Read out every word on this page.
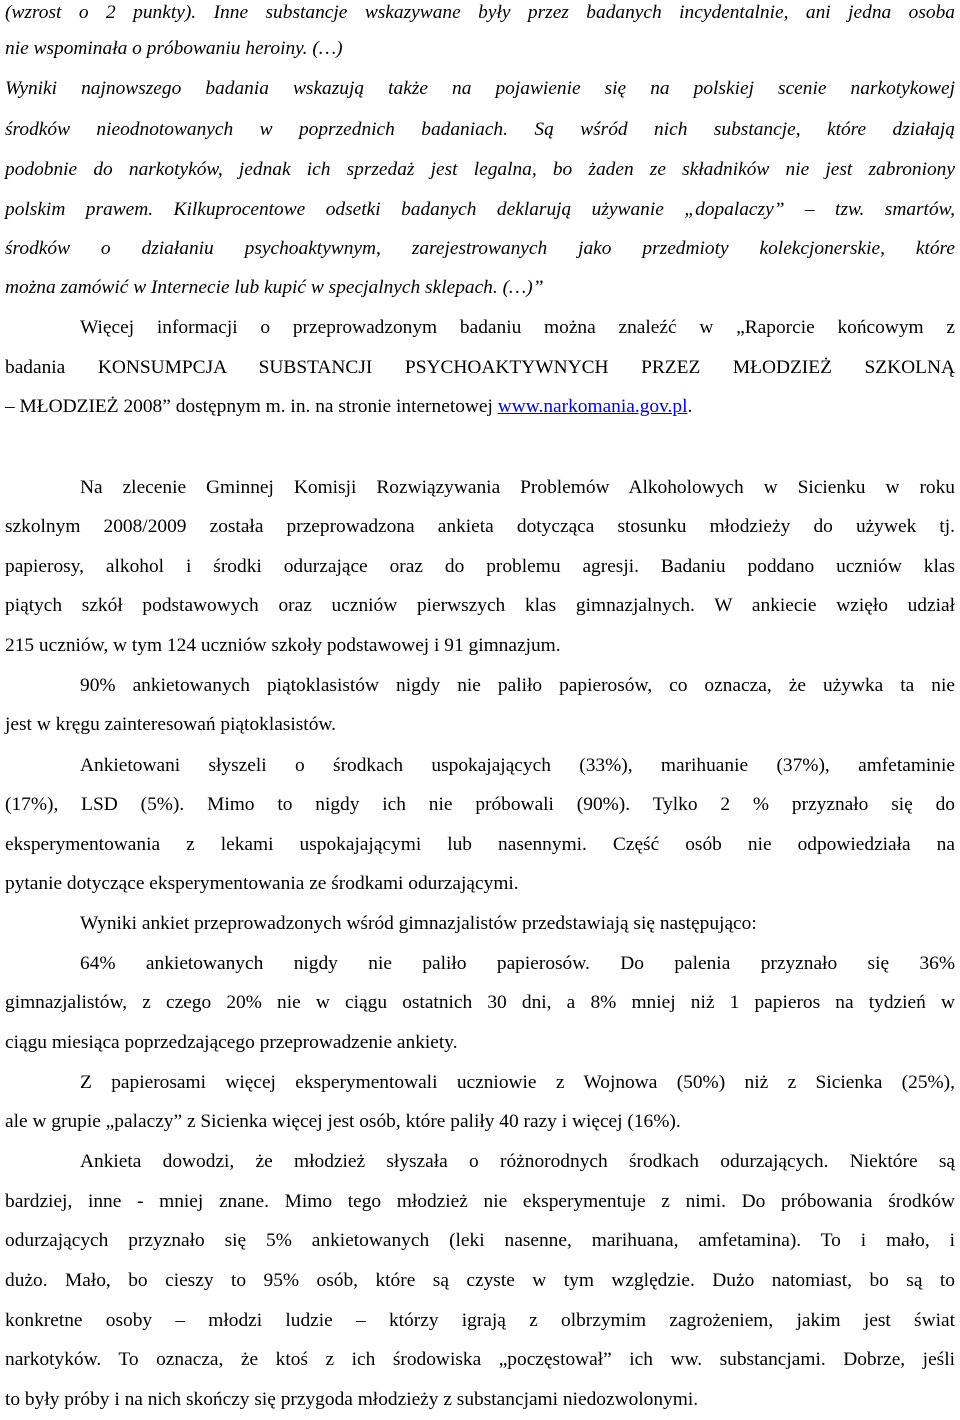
(wzrost o 2 punkty). Inne substancje wskazywane były przez badanych incydentalnie, ani jedna osoba
nie wspominała o próbowaniu heroiny. (…)
Wyniki najnowszego badania wskazują także na pojawienie się na polskiej scenie narkotykowej
środków nieodnotowanych w poprzednich badaniach. Są wśród nich substancje, które działają
podobnie do narkotyków, jednak ich sprzedaż jest legalna, bo żaden ze składników nie jest zabroniony
polskim prawem. Kilkuprocentowe odsetki badanych deklarują używanie „dopalaczy” – tzw. smartów,
środków o działaniu psychoaktywnym, zarejestrowanych jako przedmioty kolekcjonerskie, które
można zamówić w Internecie lub kupić w specjalnych sklepach. (…)”
Więcej informacji o przeprowadzonym badaniu można znaleźć w „Raporcie końcowym z
badania KONSUMPCJA SUBSTANCJI PSYCHOAKTYWNYCH PRZEZ MŁODZIEŻ SZKOLNĄ
– MŁODZIEŻ 2008” dostępnym m. in. na stronie internetowej www.narkomania.gov.pl.
Na zlecenie Gminnej Komisji Rozwiązywania Problemów Alkoholowych w Sicienku w roku
szkolnym 2008/2009 została przeprowadzona ankieta dotycząca stosunku młodzieży do używek tj.
papierosy, alkohol i środki odurzające oraz do problemu agresji. Badaniu poddano uczniów klas
piątych szkół podstawowych oraz uczniów pierwszych klas gimnazjalnych. W ankiecie wzięło udział
215 uczniów, w tym 124 uczniów szkoły podstawowej i 91 gimnazjum.
90% ankietowanych piątoklasistów nigdy nie paliło papierosów, co oznacza, że używka ta nie
jest w kręgu zainteresowań piątoklasistów.
Ankietowani słyszeli o środkach uspokajających (33%), marihuanie (37%), amfetaminie
(17%), LSD (5%). Mimo to nigdy ich nie próbowali (90%). Tylko 2 % przyznało się do
eksperymentowania z lekami uspokajającymi lub nasennymi. Część osób nie odpowiedziała na
pytanie dotyczące eksperymentowania ze środkami odurzającymi.
Wyniki ankiet przeprowadzonych wśród gimnazjalistów przedstawiają się następująco:
64% ankietowanych nigdy nie paliło papierosów. Do palenia przyznało się 36%
gimnazjalistów, z czego 20% nie w ciągu ostatnich 30 dni, a 8% mniej niż 1 papieros na tydzień w
ciągu miesiąca poprzedzającego przeprowadzenie ankiety.
Z papierosami więcej eksperymentowali uczniowie z Wojnowa (50%) niż z Sicienka (25%),
ale w grupie „palaczy” z Sicienka więcej jest osób, które paliły 40 razy i więcej (16%).
Ankieta dowodzi, że młodzież słyszała o różnorodnych środkach odurzających. Niektóre są
bardziej, inne - mniej znane. Mimo tego młodzież nie eksperymentuje z nimi. Do próbowania środków
odurzających przyznało się 5% ankietowanych (leki nasenne, marihuana, amfetamina). To i mało, i
dużo. Mało, bo cieszy to 95% osób, które są czyste w tym względzie. Dużo natomiast, bo są to
konkretne osoby – młodzi ludzie – którzy igrają z olbrzymim zagrożeniem, jakim jest świat
narkotyków. To oznacza, że ktoś z ich środowiska „poczęstował” ich ww. substancjami. Dobrze, jeśli
to były próby i na nich skończy się przygoda młodzieży z substancjami niedozwolonymi.
